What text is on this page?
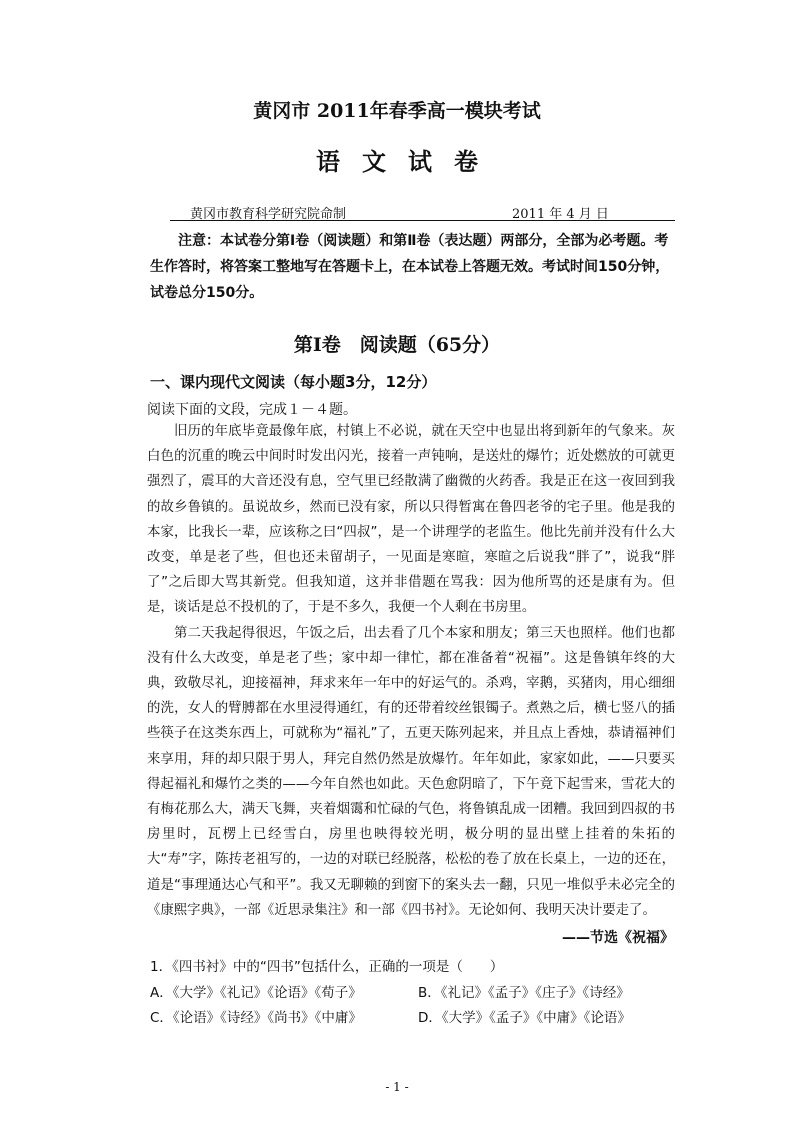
黄冈市 2011年春季高一模块考试
语文试卷
黄冈市教育科学研究院命制	2011 年 4 月 日
注意：本试卷分第Ⅰ卷（阅读题）和第Ⅱ卷（表达题）两部分，全部为必考题。考生作答时，将答案工整地写在答题卡上，在本试卷上答题无效。考试时间150分钟，试卷总分150分。
第Ⅰ卷　阅读题（65分）
一、课内现代文阅读（每小题3分，12分）
阅读下面的文段，完成１－４题。

旧历的年底毕竟最像年底，村镇上不必说，就在天空中也显出将到新年的气象来。灰白色的沉重的晚云中间时时发出闪光，接着一声钝响，是送灶的爆竹；近处燃放的可就更强烈了，震耳的大音还没有息，空气里已经散满了幽微的火药香。我是正在这一夜回到我的故乡鲁镇的。虽说故乡，然而已没有家，所以只得暂寓在鲁四老爷的宅子里。他是我的本家，比我长一辈，应该称之曰“四叔”，是一个讲理学的老监生。他比先前并没有什么大改变，单是老了些，但也还未留胡子，一见面是寒暄，寒暄之后说我“胖了”，说我“胖了”之后即大骂其新党。但我知道，这并非借题在骂我：因为他所骂的还是康有为。但是，谈话是总不投机的了，于是不多久，我便一个人剩在书房里。

第二天我起得很迟，午饭之后，出去看了几个本家和朋友；第三天也照样。他们也都没有什么大改变，单是老了些；家中却一律忙，都在准备着“祝福”。这是鲁镇年终的大典，致敬尽礼，迎接福神，拜求来年一年中的好运气的。杀鸡，宰鹅，买猪肉，用心细细的洗，女人的臂膊都在水里浸得通红，有的还带着绞丝银镯子。煮熟之后，横七竖八的插些筷子在这类东西上，可就称为“福礼”了，五更天陈列起来，并且点上香烛，恭请福神们来享用，拜的却只限于男人，拜完自然仍然是放爆竹。年年如此，家家如此，——只要买得起福礼和爆竹之类的——今年自然也如此。天色愈阴暗了，下午竟下起雪来，雪花大的有梅花那么大，满天飞舞，夹着烟霭和忙碌的气色，将鲁镇乱成一团糟。我回到四叔的书房里时，瓦楞上已经雪白，房里也映得较光明，极分明的显出壁上挂着的朱拓的大“寿”字，陈抟老祖写的，一边的对联已经脱落，松松的卷了放在长桌上，一边的还在，道是“事理通达心气和平”。我又无聊赖的到窗下的案头去一翻，只见一堆似乎未必完全的《康熙字典》，一部《近思录集注》和一部《四书衬》。无论如何、我明天决计要走了。

——节选《祝福》
1．《四书衬》中的“四书”包括什么，正确的一项是（　　）
A．《大学》《礼记》《论语》《荀子》	B．《礼记》《孟子》《庄子》《诗经》
C．《论语》《诗经》《尚书》《中庸》	D．《大学》《孟子》《中庸》《论语》
- 1 -
